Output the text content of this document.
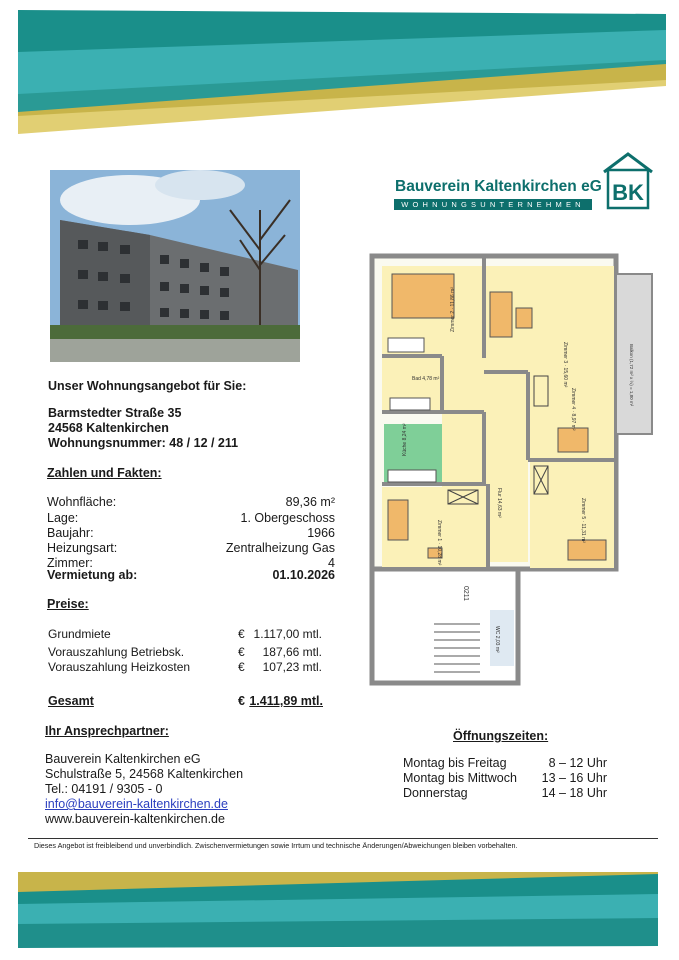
Bauverein Kaltenkirchen eG
WOHNUNGSUNTERNEHMEN	BK
Unser Wohnungsangebot für Sie:
Barmstedter Straße 35
24568 Kaltenkirchen
Wohnungsnummer: 48 / 12 / 211
Zahlen und Fakten:
Wohnfläche:	89,36 m²
Lage:	1. Obergeschoss
Baujahr:	1966
Heizungsart:	Zentralheizung Gas
Zimmer:	4
Vermietung ab:	01.10.2026
Preise:
Grundmiete	€ 1.117,00 mtl.
Vorauszahlung Betriebsk.	€ 187,66 mtl.
Vorauszahlung Heizkosten	€ 107,23 mtl.
Gesamt	€ 1.411,89 mtl.
Ihr Ansprechpartner:
Bauverein Kaltenkirchen eG
Schulstraße 5, 24568 Kaltenkirchen
Tel.: 04191 / 9305 - 0
info@bauverein-kaltenkirchen.de
www.bauverein-kaltenkirchen.de
Öffnungszeiten:
Montag bis Freitag	8 – 12 Uhr
Montag bis Mittwoch 13 – 16 Uhr
Donnerstag	14 – 18 Uhr
Dieses Angebot ist freibleibend und unverbindlich. Zwischenvermietungen sowie Irrtum und technische Änderungen/Abweichungen bleiben vorbehalten.
Zimmer 2 · 11,86 m²
Zimmer 3 · 15,60 m²
Zimmer 4 · 8,97 m²
Bad 4,78 m²
Küche 8,24 m²
Zimmer 1 · 10,28 m²
Flur 14,63 m²	Zimmer 5 · 11,31 m²
WC 2,03 m²
Balkon (1,72 m² x ½) = 1,80 m²
0211
